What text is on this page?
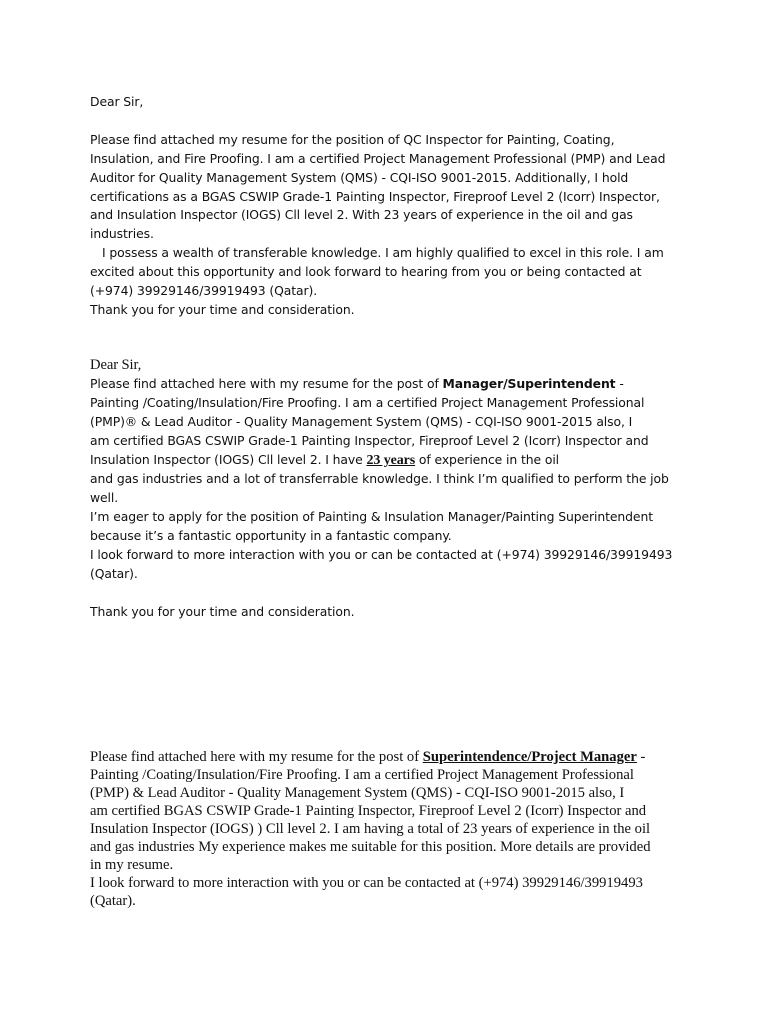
Dear Sir,
Please find attached my resume for the position of QC Inspector for Painting, Coating,
Insulation, and Fire Proofing. I am a certified Project Management Professional (PMP) and Lead
Auditor for Quality Management System (QMS) - CQI-ISO 9001-2015. Additionally, I hold
certifications as a BGAS CSWIP Grade-1 Painting Inspector, Fireproof Level 2 (Icorr) Inspector,
and Insulation Inspector (IOGS) Cll level 2. With 23 years of experience in the oil and gas
industries.
I possess a wealth of transferable knowledge. I am highly qualified to excel in this role. I am
excited about this opportunity and look forward to hearing from you or being contacted at
(+974) 39929146/39919493 (Qatar).
Thank you for your time and consideration.
Dear Sir,
Please find attached here with my resume for the post of Manager/Superintendent -
Painting /Coating/Insulation/Fire Proofing. I am a certified Project Management Professional
(PMP)® & Lead Auditor - Quality Management System (QMS) - CQI-ISO 9001-2015 also, I
am certified BGAS CSWIP Grade-1 Painting Inspector, Fireproof Level 2 (Icorr) Inspector and
Insulation Inspector (IOGS) Cll level 2. I have 23 years of experience in the oil
and gas industries and a lot of transferrable knowledge. I think I’m qualified to perform the job
well.
I’m eager to apply for the position of Painting & Insulation Manager/Painting Superintendent
because it’s a fantastic opportunity in a fantastic company.
I look forward to more interaction with you or can be contacted at (+974) 39929146/39919493
(Qatar).
Thank you for your time and consideration.
Please find attached here with my resume for the post of Superintendence/Project Manager -
Painting /Coating/Insulation/Fire Proofing. I am a certified Project Management Professional
(PMP) & Lead Auditor - Quality Management System (QMS) - CQI-ISO 9001-2015 also, I
am certified BGAS CSWIP Grade-1 Painting Inspector, Fireproof Level 2 (Icorr) Inspector and
Insulation Inspector (IOGS) ) Cll level 2. I am having a total of 23 years of experience in the oil
and gas industries My experience makes me suitable for this position. More details are provided
in my resume.
I look forward to more interaction with you or can be contacted at (+974) 39929146/39919493
(Qatar).
